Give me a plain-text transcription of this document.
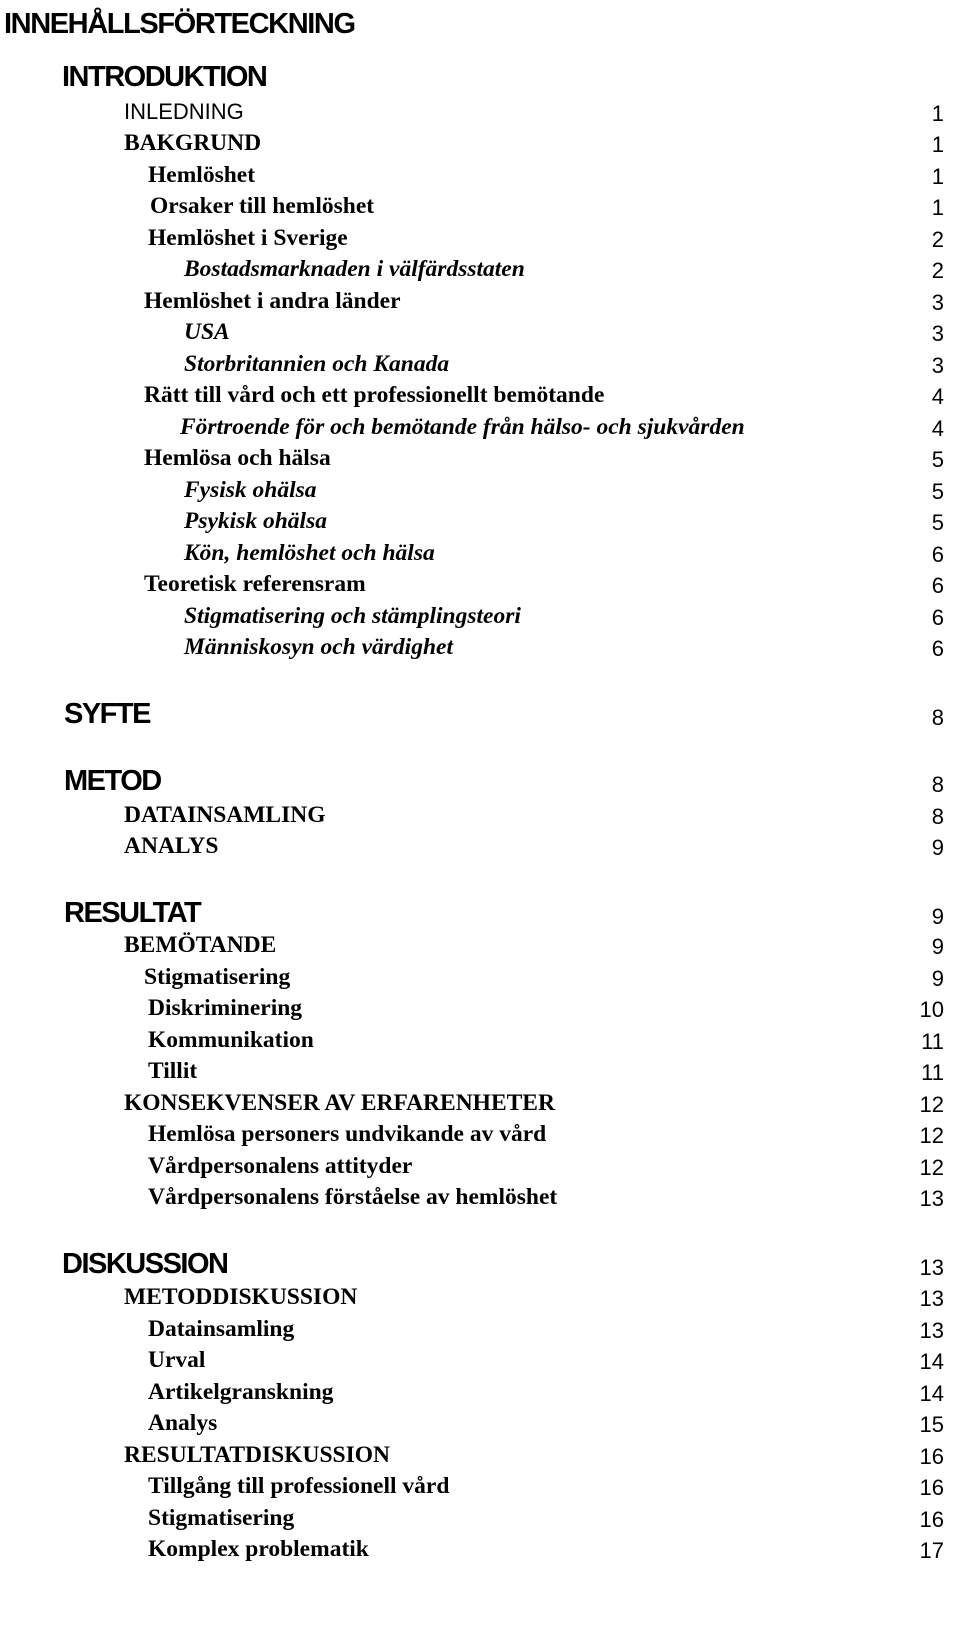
INNEHÅLLSFÖRTECKNING
INTRODUKTION
INLEDNING	1
BAKGRUND	1
Hemlöshet	1
Orsaker till hemlöshet	1
Hemlöshet i Sverige	2
Bostadsmarknaden i välfärdsstaten	2
Hemlöshet i andra länder	3
USA	3
Storbritannien och Kanada	3
Rätt till vård och ett professionellt bemötande	4
Förtroende för och bemötande från hälso- och sjukvården	4
Hemlösa och hälsa	5
Fysisk ohälsa	5
Psykisk ohälsa	5
Kön, hemlöshet och hälsa	6
Teoretisk referensram	6
Stigmatisering och stämplingsteori	6
Människosyn och värdighet	6
SYFTE	8
METOD	8
DATAINSAMLING	8
ANALYS	9
RESULTAT	9
BEMÖTANDE	9
Stigmatisering	9
Diskriminering	10
Kommunikation	11
Tillit	11
KONSEKVENSER AV ERFARENHETER	12
Hemlösa personers undvikande av vård	12
Vårdpersonalens attityder	12
Vårdpersonalens förståelse av hemlöshet	13
DISKUSSION	13
METODDISKUSSION	13
Datainsamling	13
Urval	14
Artikelgranskning	14
Analys	15
RESULTATDISKUSSION	16
Tillgång till professionell vård	16
Stigmatisering	16
Komplex problematik	17
